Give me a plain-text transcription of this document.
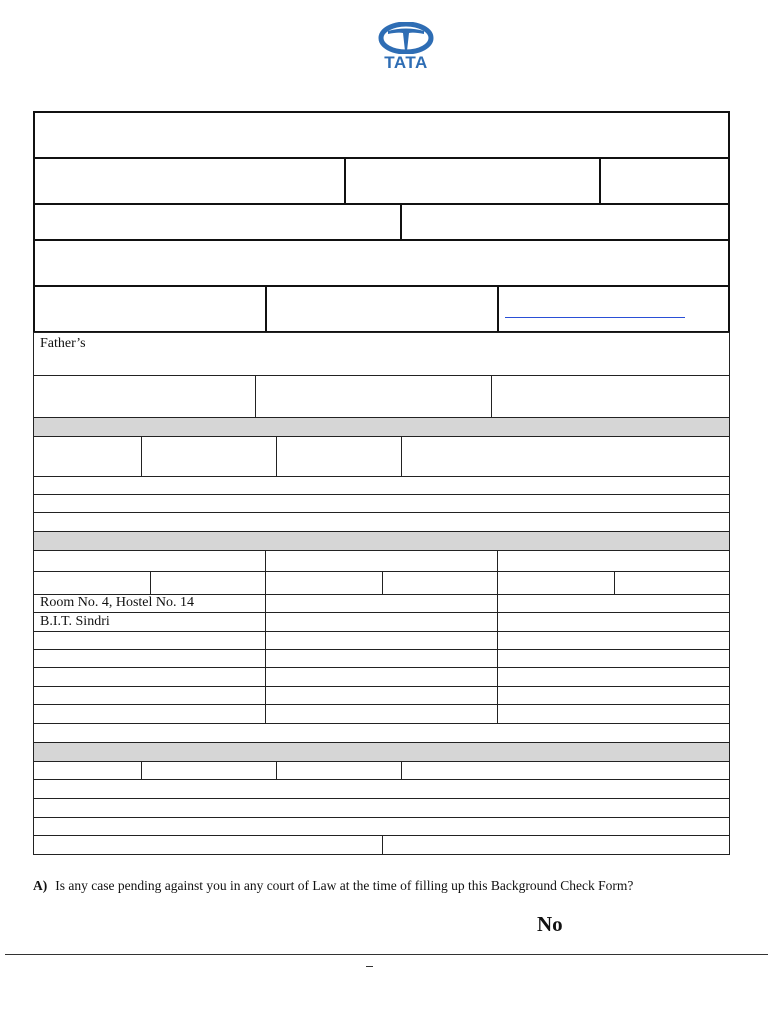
TATA
Father’s
Room No. 4, Hostel No. 14
B.I.T. Sindri
A) Is any case pending against you in any court of Law at the time of filling up this Background Check Form?
No
